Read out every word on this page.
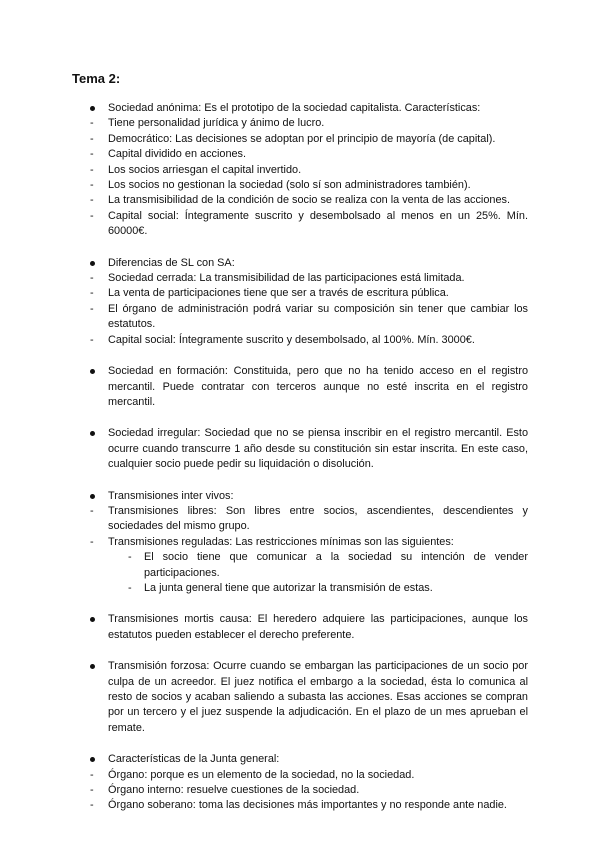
Tema 2:
Sociedad anónima: Es el prototipo de la sociedad capitalista. Características:
- Tiene personalidad jurídica y ánimo de lucro.
- Democrático: Las decisiones se adoptan por el principio de mayoría (de capital).
- Capital dividido en acciones.
- Los socios arriesgan el capital invertido.
- Los socios no gestionan la sociedad (solo sí son administradores también).
- La transmisibilidad de la condición de socio se realiza con la venta de las acciones.
- Capital social: Íntegramente suscrito y desembolsado al menos en un 25%. Mín. 60000€.
Diferencias de SL con SA:
- Sociedad cerrada: La transmisibilidad de las participaciones está limitada.
- La venta de participaciones tiene que ser a través de escritura pública.
- El órgano de administración podrá variar su composición sin tener que cambiar los estatutos.
- Capital social: Íntegramente suscrito y desembolsado, al 100%. Mín. 3000€.
Sociedad en formación: Constituida, pero que no ha tenido acceso en el registro mercantil. Puede contratar con terceros aunque no esté inscrita en el registro mercantil.
Sociedad irregular: Sociedad que no se piensa inscribir en el registro mercantil. Esto ocurre cuando transcurre 1 año desde su constitución sin estar inscrita. En este caso, cualquier socio puede pedir su liquidación o disolución.
Transmisiones inter vivos:
- Transmisiones libres: Son libres entre socios, ascendientes, descendientes y sociedades del mismo grupo.
- Transmisiones reguladas: Las restricciones mínimas son las siguientes:
- El socio tiene que comunicar a la sociedad su intención de vender participaciones.
- La junta general tiene que autorizar la transmisión de estas.
Transmisiones mortis causa: El heredero adquiere las participaciones, aunque los estatutos pueden establecer el derecho preferente.
Transmisión forzosa: Ocurre cuando se embargan las participaciones de un socio por culpa de un acreedor. El juez notifica el embargo a la sociedad, ésta lo comunica al resto de socios y acaban saliendo a subasta las acciones. Esas acciones se compran por un tercero y el juez suspende la adjudicación. En el plazo de un mes aprueban el remate.
Características de la Junta general:
- Órgano: porque es un elemento de la sociedad, no la sociedad.
- Órgano interno: resuelve cuestiones de la sociedad.
- Órgano soberano: toma las decisiones más importantes y no responde ante nadie.
